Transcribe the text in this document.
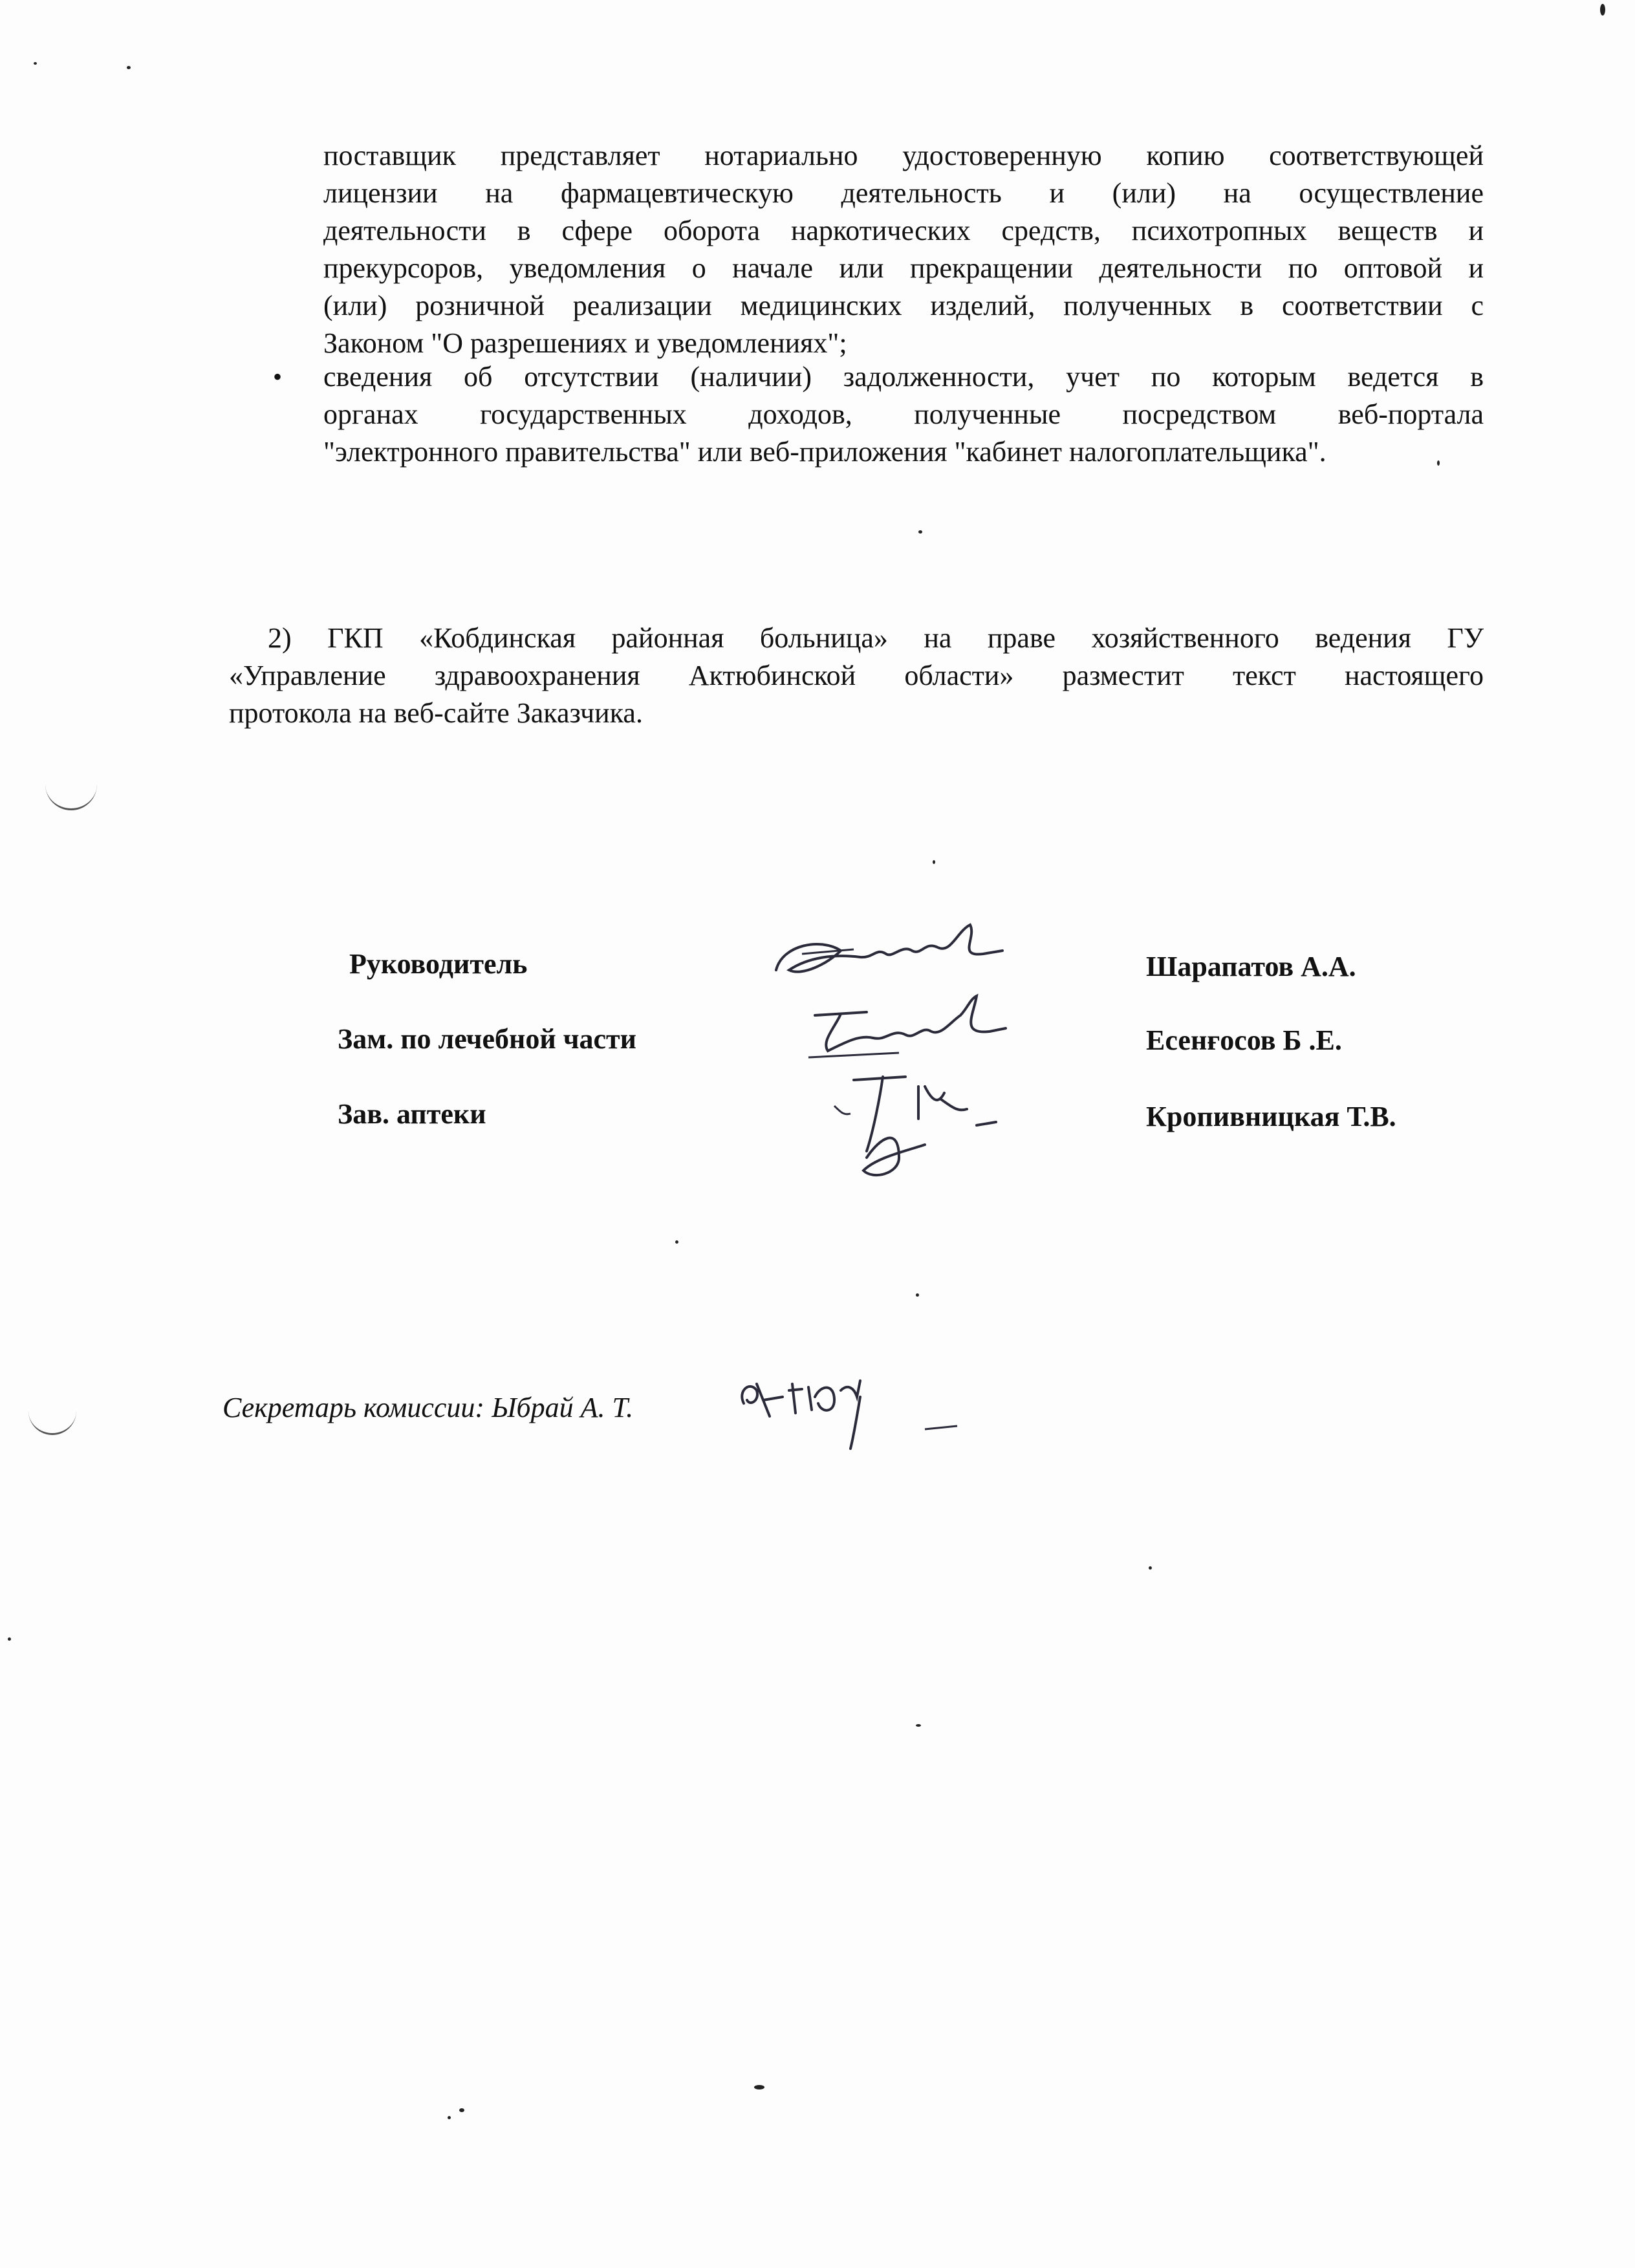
поставщик представляет нотариально удостоверенную копию соответствующей
лицензии на фармацевтическую деятельность и (или) на осуществление
деятельности в сфере оборота наркотических средств, психотропных веществ и
прекурсоров, уведомления о начале или прекращении деятельности по оптовой и
(или) розничной реализации медицинских изделий, полученных в соответствии с
Законом "О разрешениях и уведомлениях";
• сведения об отсутствии (наличии) задолженности, учет по которым ведется в
органах государственных доходов, полученные посредством веб-портала
"электронного правительства" или веб-приложения "кабинет налогоплательщика".
2) ГКП «Кобдинская районная больница» на праве хозяйственного ведения ГУ
«Управление здравоохранения Актюбинской области» разместит текст настоящего
протокола на веб-сайте Заказчика.
Руководитель
Зам. по лечебной части
Зав. аптеки
Шарапатов А.А.
Есенғосов Б .Е.
Кропивницкая Т.В.
Секретарь комиссии: Ыбрай А. Т.
